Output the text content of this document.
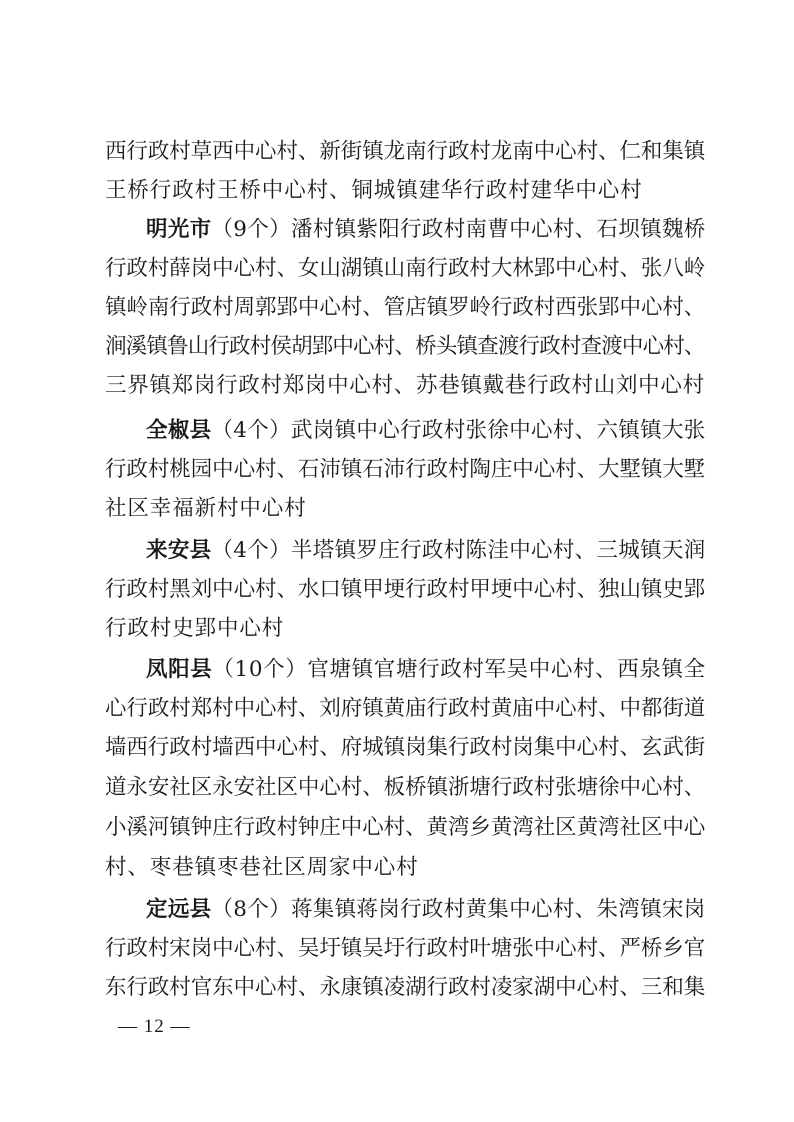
西行政村草西中心村、新街镇龙南行政村龙南中心村、仁和集镇
王桥行政村王桥中心村、铜城镇建华行政村建华中心村
明光市（9个）潘村镇紫阳行政村南曹中心村、石坝镇魏桥
行政村薛岗中心村、女山湖镇山南行政村大林郢中心村、张八岭
镇岭南行政村周郭郢中心村、管店镇罗岭行政村西张郢中心村、
涧溪镇鲁山行政村侯胡郢中心村、桥头镇查渡行政村查渡中心村、
三界镇郑岗行政村郑岗中心村、苏巷镇戴巷行政村山刘中心村
全椒县（4个）武岗镇中心行政村张徐中心村、六镇镇大张
行政村桃园中心村、石沛镇石沛行政村陶庄中心村、大墅镇大墅
社区幸福新村中心村
来安县（4个）半塔镇罗庄行政村陈洼中心村、三城镇天润
行政村黑刘中心村、水口镇甲埂行政村甲埂中心村、独山镇史郢
行政村史郢中心村
凤阳县（10个）官塘镇官塘行政村军吴中心村、西泉镇全
心行政村郑村中心村、刘府镇黄庙行政村黄庙中心村、中都街道
墙西行政村墙西中心村、府城镇岗集行政村岗集中心村、玄武街
道永安社区永安社区中心村、板桥镇浙塘行政村张塘徐中心村、
小溪河镇钟庄行政村钟庄中心村、黄湾乡黄湾社区黄湾社区中心
村、枣巷镇枣巷社区周家中心村
定远县（8个）蒋集镇蒋岗行政村黄集中心村、朱湾镇宋岗
行政村宋岗中心村、吴圩镇吴圩行政村叶塘张中心村、严桥乡官
东行政村官东中心村、永康镇凌湖行政村凌家湖中心村、三和集
— 12 —
